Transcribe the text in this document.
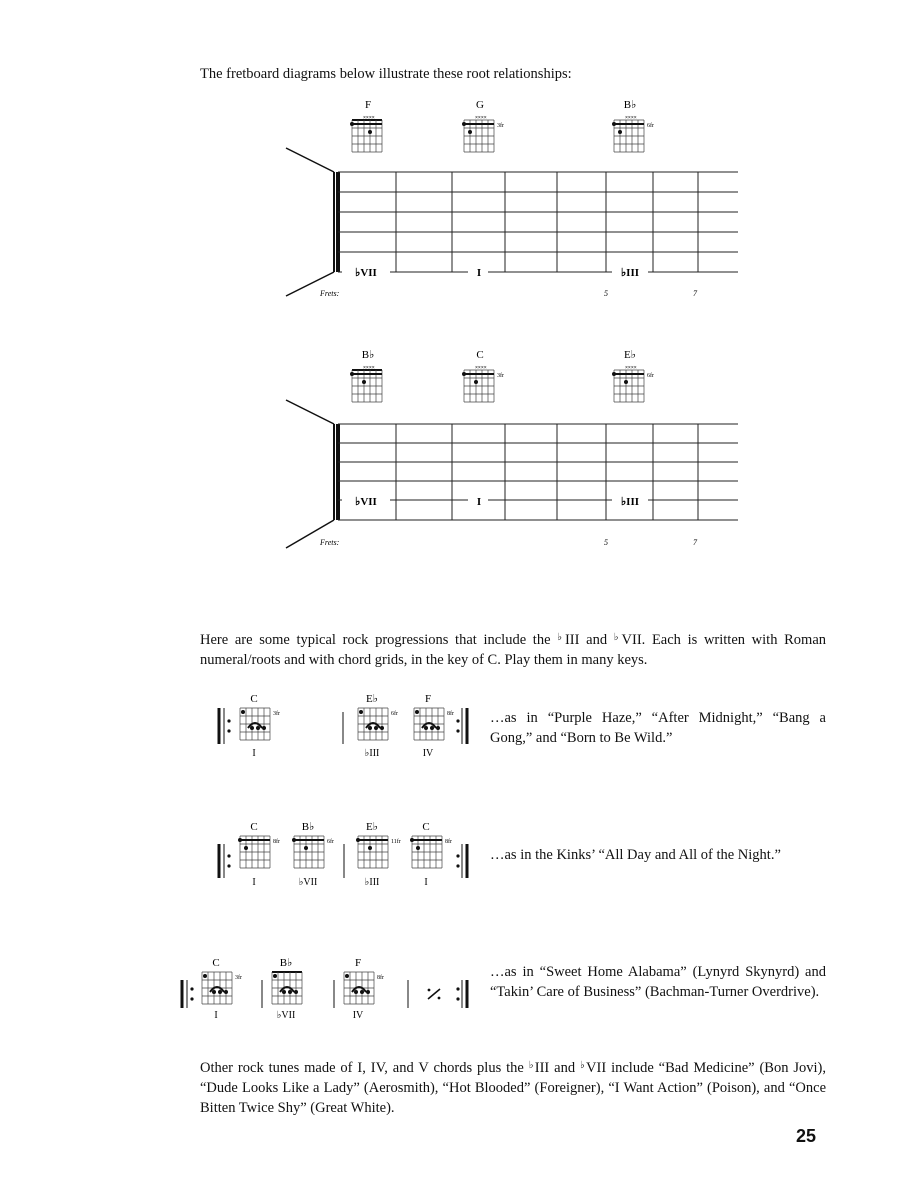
The fretboard diagrams below illustrate these root relationships:
F
××××
G
××××
3fr
B♭
××××
6fr
♭VII	I	♭III
Frets:	5	7
B♭
××××
C
××××
3fr
E♭
××××
6fr
♭VII	I	♭III
Frets:	5	7
3fr
C
I
6fr
E♭
♭III
8fr
F
IV
8fr
C
I
6fr
B♭
♭VII
11fr
E♭
♭III
8fr
C
I
3fr
C
I
B♭
♭VII
8fr
F
IV
Here are some typical rock progressions that include the ♭III and ♭VII. Each is written with Roman numeral/roots and with chord grids, in the key of C. Play them in many keys.
…as in “Purple Haze,” “After Midnight,” “Bang a Gong,” and “Born to Be Wild.”
…as in the Kinks’ “All Day and All of the Night.”
…as in “Sweet Home Alabama” (Lynyrd Skynyrd) and “Takin’ Care of Business” (Bachman-Turner Overdrive).
Other rock tunes made of I, IV, and V chords plus the ♭III and ♭VII include “Bad Medicine” (Bon Jovi), “Dude Looks Like a Lady” (Aerosmith), “Hot Blooded” (Foreigner), “I Want Action” (Poison), and “Once Bitten Twice Shy” (Great White).
25
